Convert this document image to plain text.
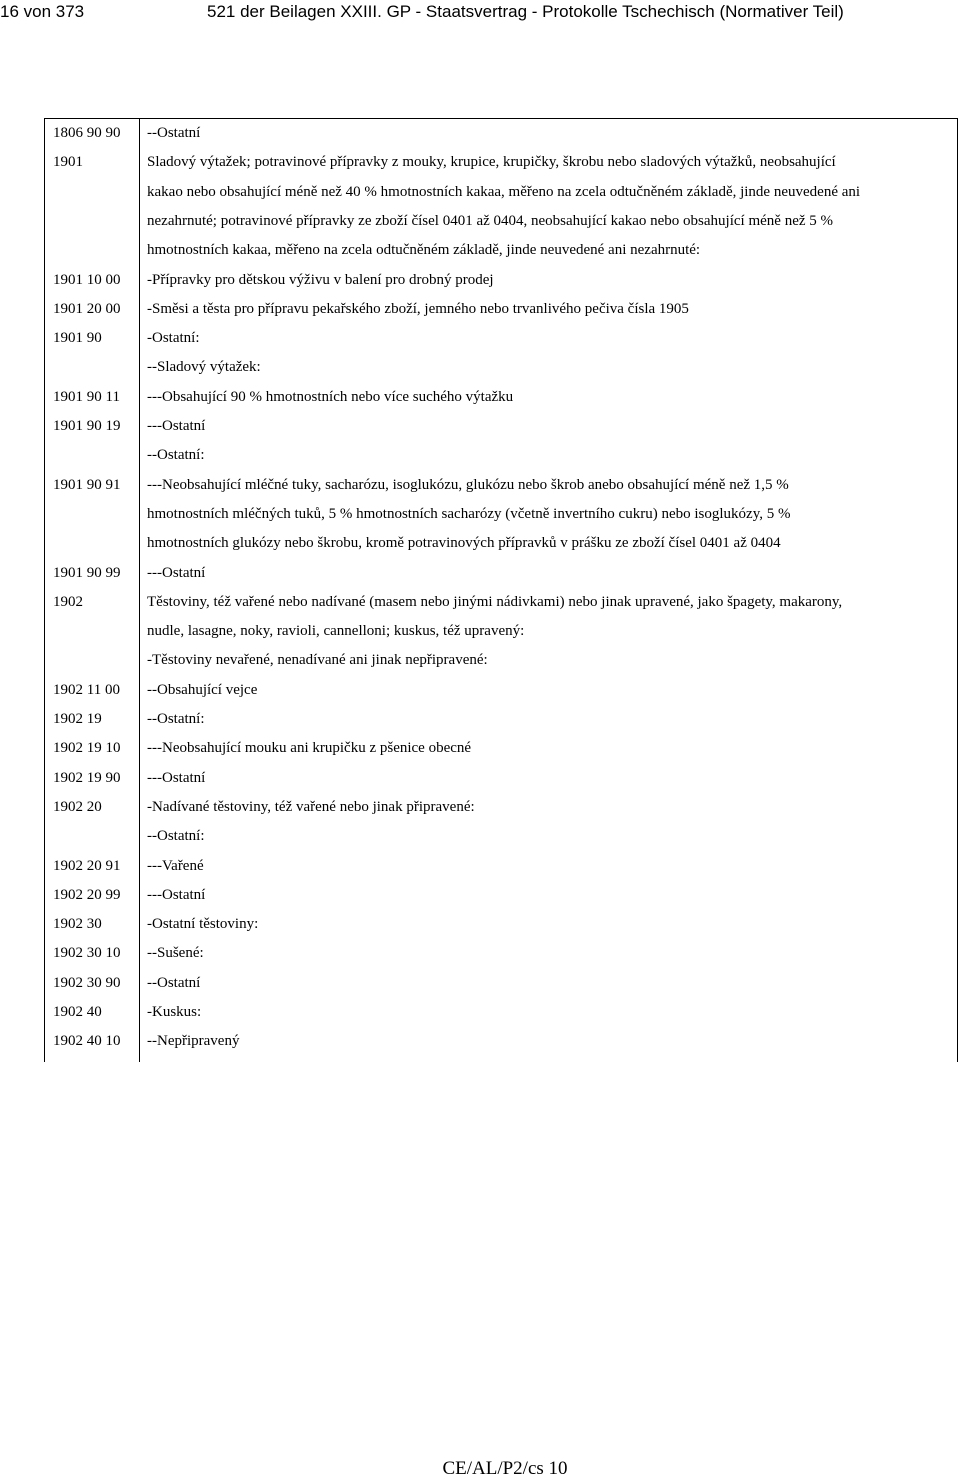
16 von 373	521 der Beilagen XXIII. GP - Staatsvertrag - Protokolle Tschechisch (Normativer Teil)
1806 90 90 --Ostatní
1901	Sladový výtažek; potravinové přípravky z mouky, krupice, krupičky, škrobu nebo sladových výtažků, neobsahující
kakao nebo obsahující méně než 40 % hmotnostních kakaa, měřeno na zcela odtučněném základě, jinde neuvedené ani
nezahrnuté; potravinové přípravky ze zboží čísel 0401 až 0404, neobsahující kakao nebo obsahující méně než 5 %
hmotnostních kakaa, měřeno na zcela odtučněném základě, jinde neuvedené ani nezahrnuté:
1901 10 00 -Přípravky pro dětskou výživu v balení pro drobný prodej
1901 20 00 -Směsi a těsta pro přípravu pekařského zboží, jemného nebo trvanlivého pečiva čísla 1905
1901 90	-Ostatní:
--Sladový výtažek:
1901 90 11 ---Obsahující 90 % hmotnostních nebo více suchého výtažku
1901 90 19 ---Ostatní
--Ostatní:
1901 90 91 ---Neobsahující mléčné tuky, sacharózu, isoglukózu, glukózu nebo škrob anebo obsahující méně než 1,5 %
hmotnostních mléčných tuků, 5 % hmotnostních sacharózy (včetně invertního cukru) nebo isoglukózy, 5 %
hmotnostních glukózy nebo škrobu, kromě potravinových přípravků v prášku ze zboží čísel 0401 až 0404
1901 90 99 ---Ostatní
1902	Těstoviny, též vařené nebo nadívané (masem nebo jinými nádivkami) nebo jinak upravené, jako špagety, makarony,
nudle, lasagne, noky, ravioli, cannelloni; kuskus, též upravený:
-Těstoviny nevařené, nenadívané ani jinak nepřipravené:
1902 11 00 --Obsahující vejce
1902 19	--Ostatní:
1902 19 10 ---Neobsahující mouku ani krupičku z pšenice obecné
1902 19 90 ---Ostatní
1902 20	-Nadívané těstoviny, též vařené nebo jinak připravené:
--Ostatní:
1902 20 91 ---Vařené
1902 20 99 ---Ostatní
1902 30	-Ostatní těstoviny:
1902 30 10 --Sušené:
1902 30 90 --Ostatní
1902 40	-Kuskus:
1902 40 10 --Nepřipravený
CE/AL/P2/cs 10
